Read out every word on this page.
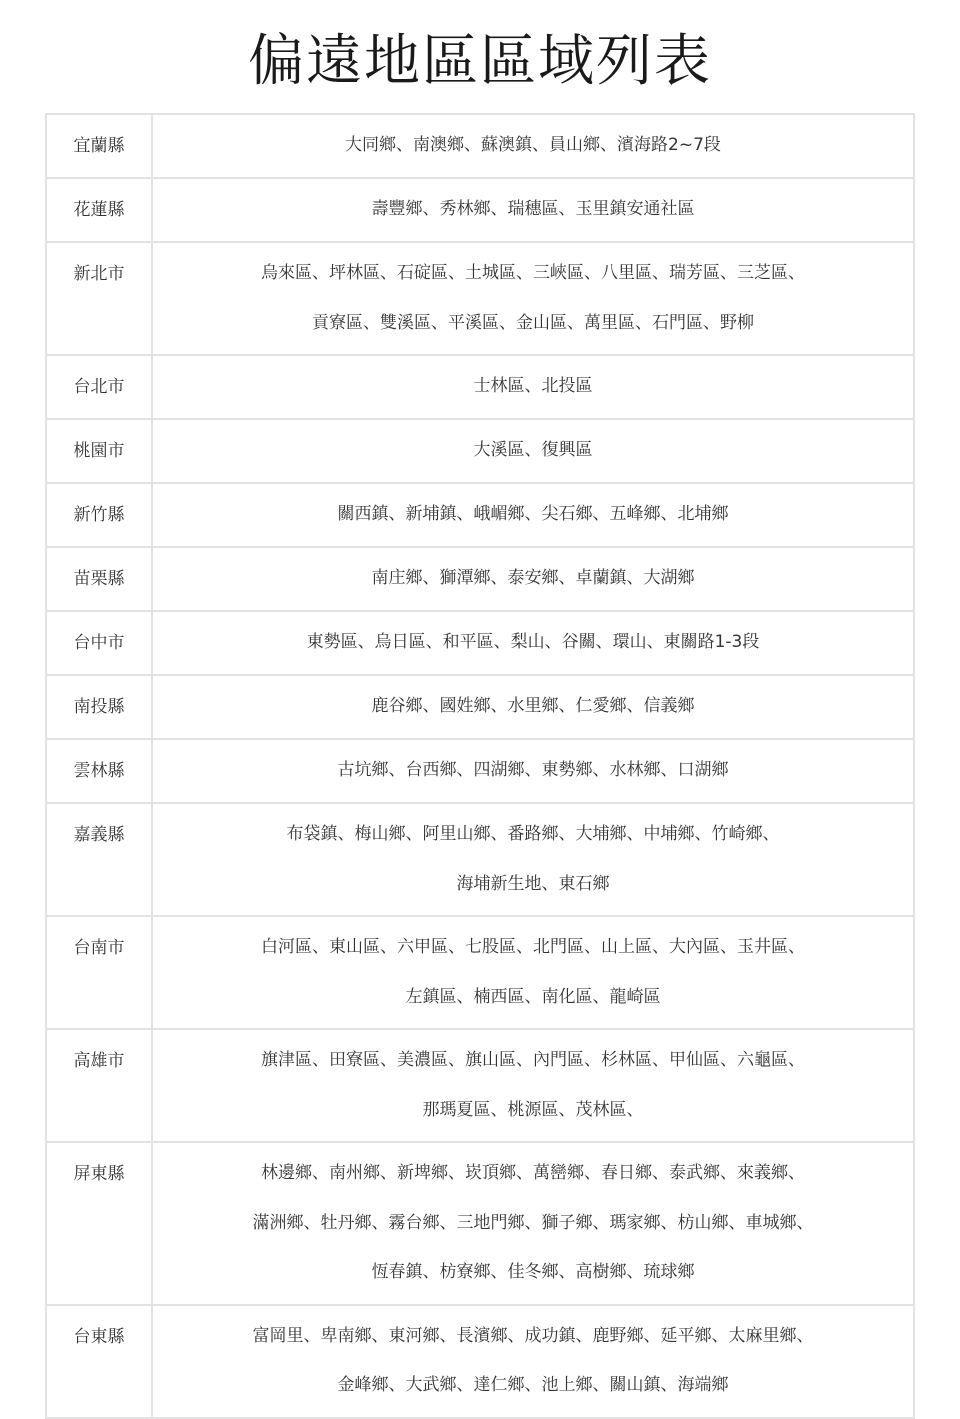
偏遠地區區域列表
宜蘭縣	大同鄉、南澳鄉、蘇澳鎮、員山鄉、濱海路2~7段

花蓮縣	壽豐鄉、秀林鄉、瑞穗區、玉里鎮安通社區

新北市	烏來區、坪林區、石碇區、土城區、三峽區、八里區、瑞芳區、三芝區、
貢寮區、雙溪區、平溪區、金山區、萬里區、石門區、野柳

台北市	士林區、北投區

桃園市	大溪區、復興區

新竹縣	關西鎮、新埔鎮、峨嵋鄉、尖石鄉、五峰鄉、北埔鄉

苗栗縣	南庄鄉、獅潭鄉、泰安鄉、卓蘭鎮、大湖鄉

台中市	東勢區、烏日區、和平區、梨山、谷關、環山、東關路1-3段

南投縣	鹿谷鄉、國姓鄉、水里鄉、仁愛鄉、信義鄉

雲林縣	古坑鄉、台西鄉、四湖鄉、東勢鄉、水林鄉、口湖鄉

嘉義縣	布袋鎮、梅山鄉、阿里山鄉、番路鄉、大埔鄉、中埔鄉、竹崎鄉、
海埔新生地、東石鄉

台南市	白河區、東山區、六甲區、七股區、北門區、山上區、大內區、玉井區、
左鎮區、楠西區、南化區、龍崎區

高雄市	旗津區、田寮區、美濃區、旗山區、內門區、杉林區、甲仙區、六龜區、
那瑪夏區、桃源區、茂林區、

屏東縣	林邊鄉、南州鄉、新埤鄉、崁頂鄉、萬巒鄉、春日鄉、泰武鄉、來義鄉、
滿洲鄉、牡丹鄉、霧台鄉、三地門鄉、獅子鄉、瑪家鄉、枋山鄉、車城鄉、
恆春鎮、枋寮鄉、佳冬鄉、高樹鄉、琉球鄉

台東縣	富岡里、卑南鄉、東河鄉、長濱鄉、成功鎮、鹿野鄉、延平鄉、太麻里鄉、
金峰鄉、大武鄉、達仁鄉、池上鄉、關山鎮、海端鄉
